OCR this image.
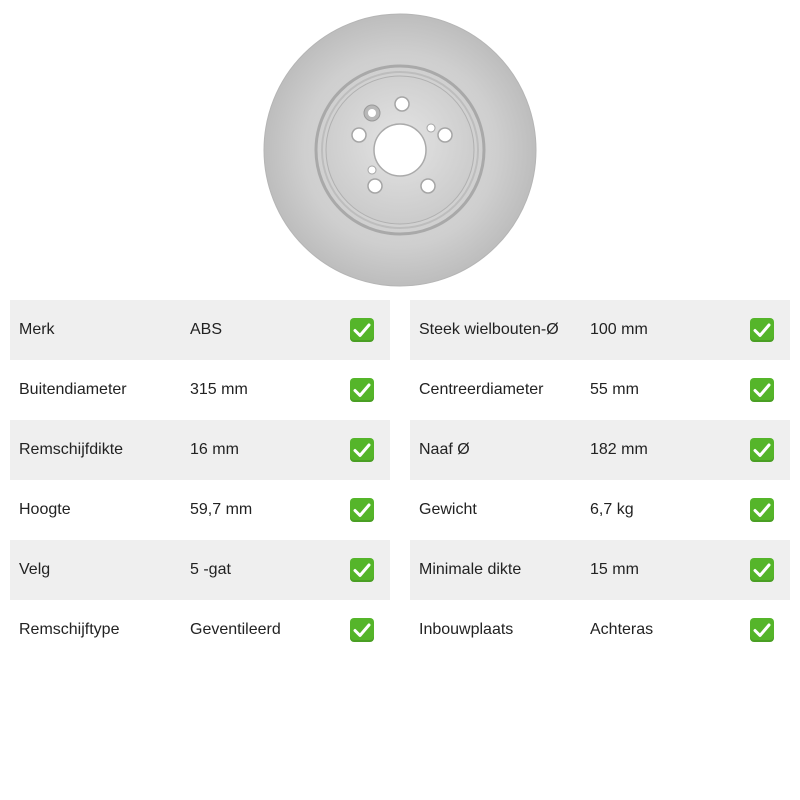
Merk	ABS
Buitendiameter	315 mm
Remschijfdikte	16 mm
Hoogte	59,7 mm
Velg	5 -gat
Remschijftype	Geventileerd
Steek wielbouten-Ø 100 mm
Centreerdiameter	55 mm
Naaf Ø	182 mm
Gewicht	6,7 kg
Minimale dikte	15 mm
Inbouwplaats	Achteras
